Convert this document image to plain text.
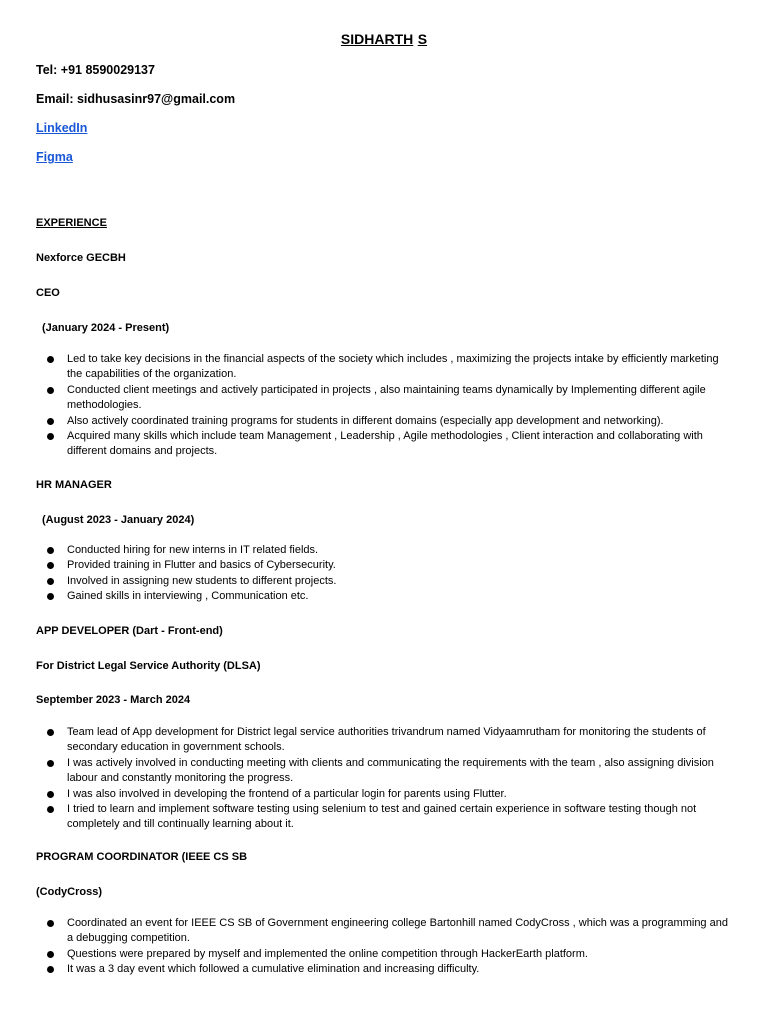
SIDHARTH S
Tel: +91 8590029137
Email: sidhusasinr97@gmail.com
LinkedIn
Figma
EXPERIENCE
Nexforce GECBH
CEO
(January 2024 - Present)
Led to take key decisions in the financial aspects of the society which includes , maximizing the projects intake by efficiently marketing the capabilities of the organization.
Conducted client meetings and actively participated in projects , also maintaining teams dynamically by Implementing different agile methodologies.
Also actively coordinated training programs for students in different domains (especially app development and networking).
Acquired many skills which include team Management , Leadership , Agile methodologies , Client interaction and collaborating with different domains and projects.
HR MANAGER
(August 2023 - January 2024)
Conducted hiring for new interns in IT related fields.
Provided training in Flutter and basics of Cybersecurity.
Involved in assigning new students to different projects.
Gained skills in interviewing , Communication etc.
APP DEVELOPER (Dart - Front-end)
For District Legal Service Authority (DLSA)
September 2023 - March 2024
Team lead of App development for District legal service authorities trivandrum named Vidyaamrutham for monitoring the students of secondary education in government schools.
I was actively involved in conducting meeting with clients and communicating the requirements with the team , also assigning division labour and constantly monitoring the progress.
I was also involved in developing the frontend of a particular login for parents using Flutter.
I tried to learn and implement software testing using selenium to test and gained certain experience in software testing though not completely and till continually learning about it.
PROGRAM COORDINATOR (IEEE CS SB
(CodyCross)
Coordinated an event for IEEE CS SB of Government engineering college Bartonhill named CodyCross , which was a programming and a debugging competition.
Questions were prepared by myself and implemented the online competition through HackerEarth platform.
It was a 3 day event which followed a cumulative elimination and increasing difficulty.
